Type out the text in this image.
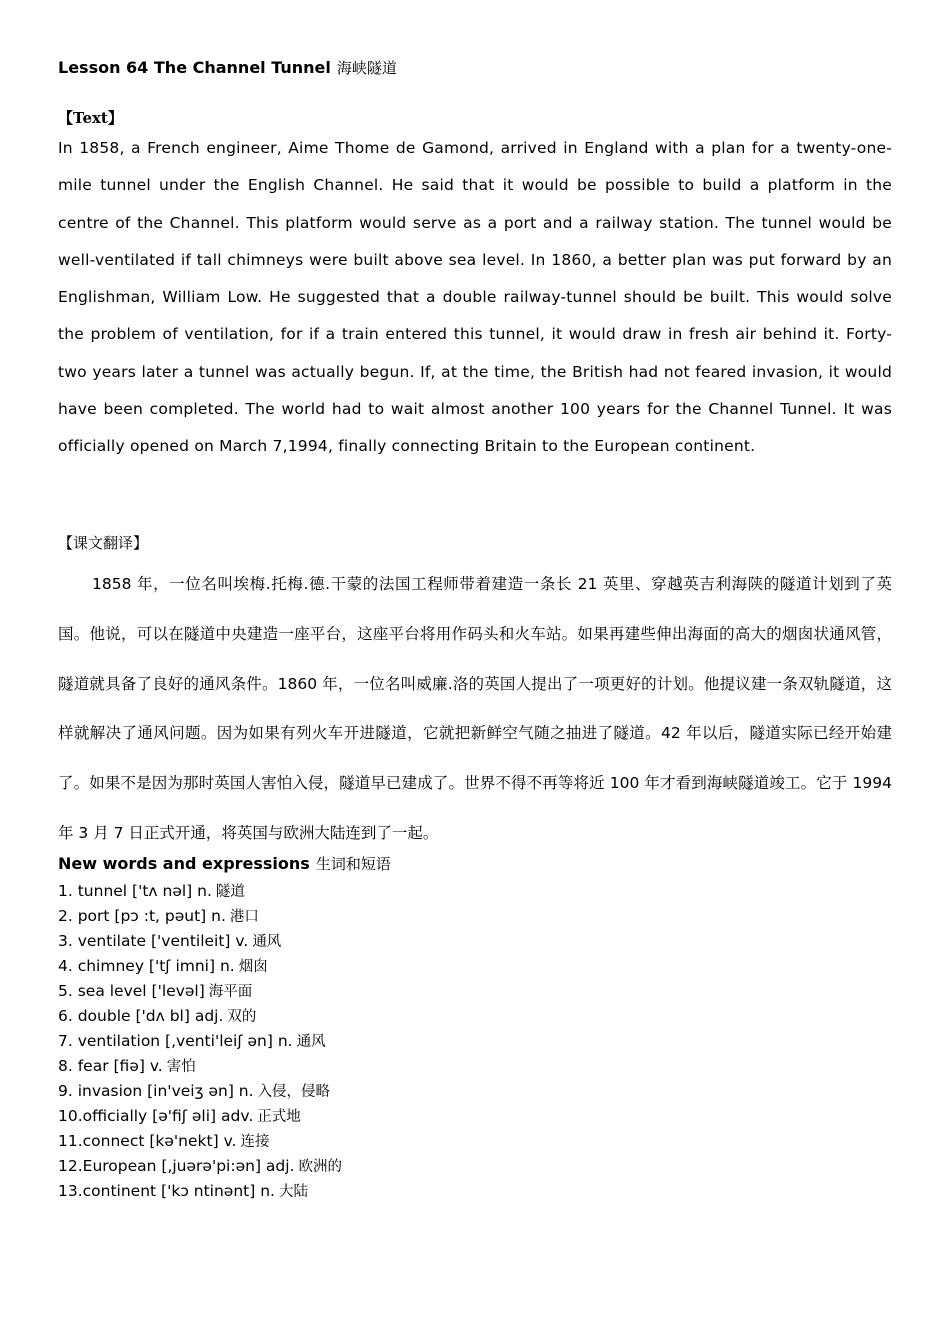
Lesson 64 The Channel Tunnel 海峡隧道
【Text】

In 1858, a French engineer, Aime Thome de Gamond, arrived in England with a plan for a twenty-one-mile tunnel under the English Channel. He said that it would be possible to build a platform in the centre of the Channel. This platform would serve as a port and a railway station. The tunnel would be well-ventilated if tall chimneys were built above sea level. In 1860, a better plan was put forward by an Englishman, William Low. He suggested that a double railway-tunnel should be built. This would solve the problem of ventilation, for if a train entered this tunnel, it would draw in fresh air behind it. Forty-two years later a tunnel was actually begun. If, at the time, the British had not feared invasion, it would have been completed. The world had to wait almost another 100 years for the Channel Tunnel. It was officially opened on March 7,1994, finally connecting Britain to the European continent.

【课文翻译】

1858 年，一位名叫埃梅.托梅.德.干蒙的法国工程师带着建造一条长 21 英里、穿越英吉利海陕的隧道计划到了英国。他说，可以在隧道中央建造一座平台，这座平台将用作码头和火车站。如果再建些伸出海面的高大的烟囱状通风管，隧道就具备了良好的通风条件。1860 年，一位名叫威廉.洛的英国人提出了一项更好的计划。他提议建一条双轨隧道，这样就解决了通风问题。因为如果有列火车开进隧道，它就把新鲜空气随之抽进了隧道。42 年以后，隧道实际已经开始建了。如果不是因为那时英国人害怕入侵，隧道早已建成了。世界不得不再等将近 100 年才看到海峡隧道竣工。它于 1994 年 3 月 7 日正式开通，将英国与欧洲大陆连到了一起。

New words and expressions 生词和短语
1. tunnel ['tʌ nəl] n. 隧道
2. port [pɔ :t, pəut] n. 港口
3. ventilate ['ventileit] v. 通风
4. chimney ['tʃ imni] n. 烟囱
5. sea level ['levəl] 海平面
6. double ['dʌ bl] adj. 双的
7. ventilation [,venti'leiʃ ən] n. 通风
8. fear [fiə] v. 害怕
9. invasion [in'veiʒ ən] n. 入侵，侵略
10.officially [ə'fiʃ əli] adv. 正式地
11.connect [kə'nekt] v. 连接
12.European [,juərə'pi:ən] adj. 欧洲的
13.continent ['kɔ ntinənt] n. 大陆
